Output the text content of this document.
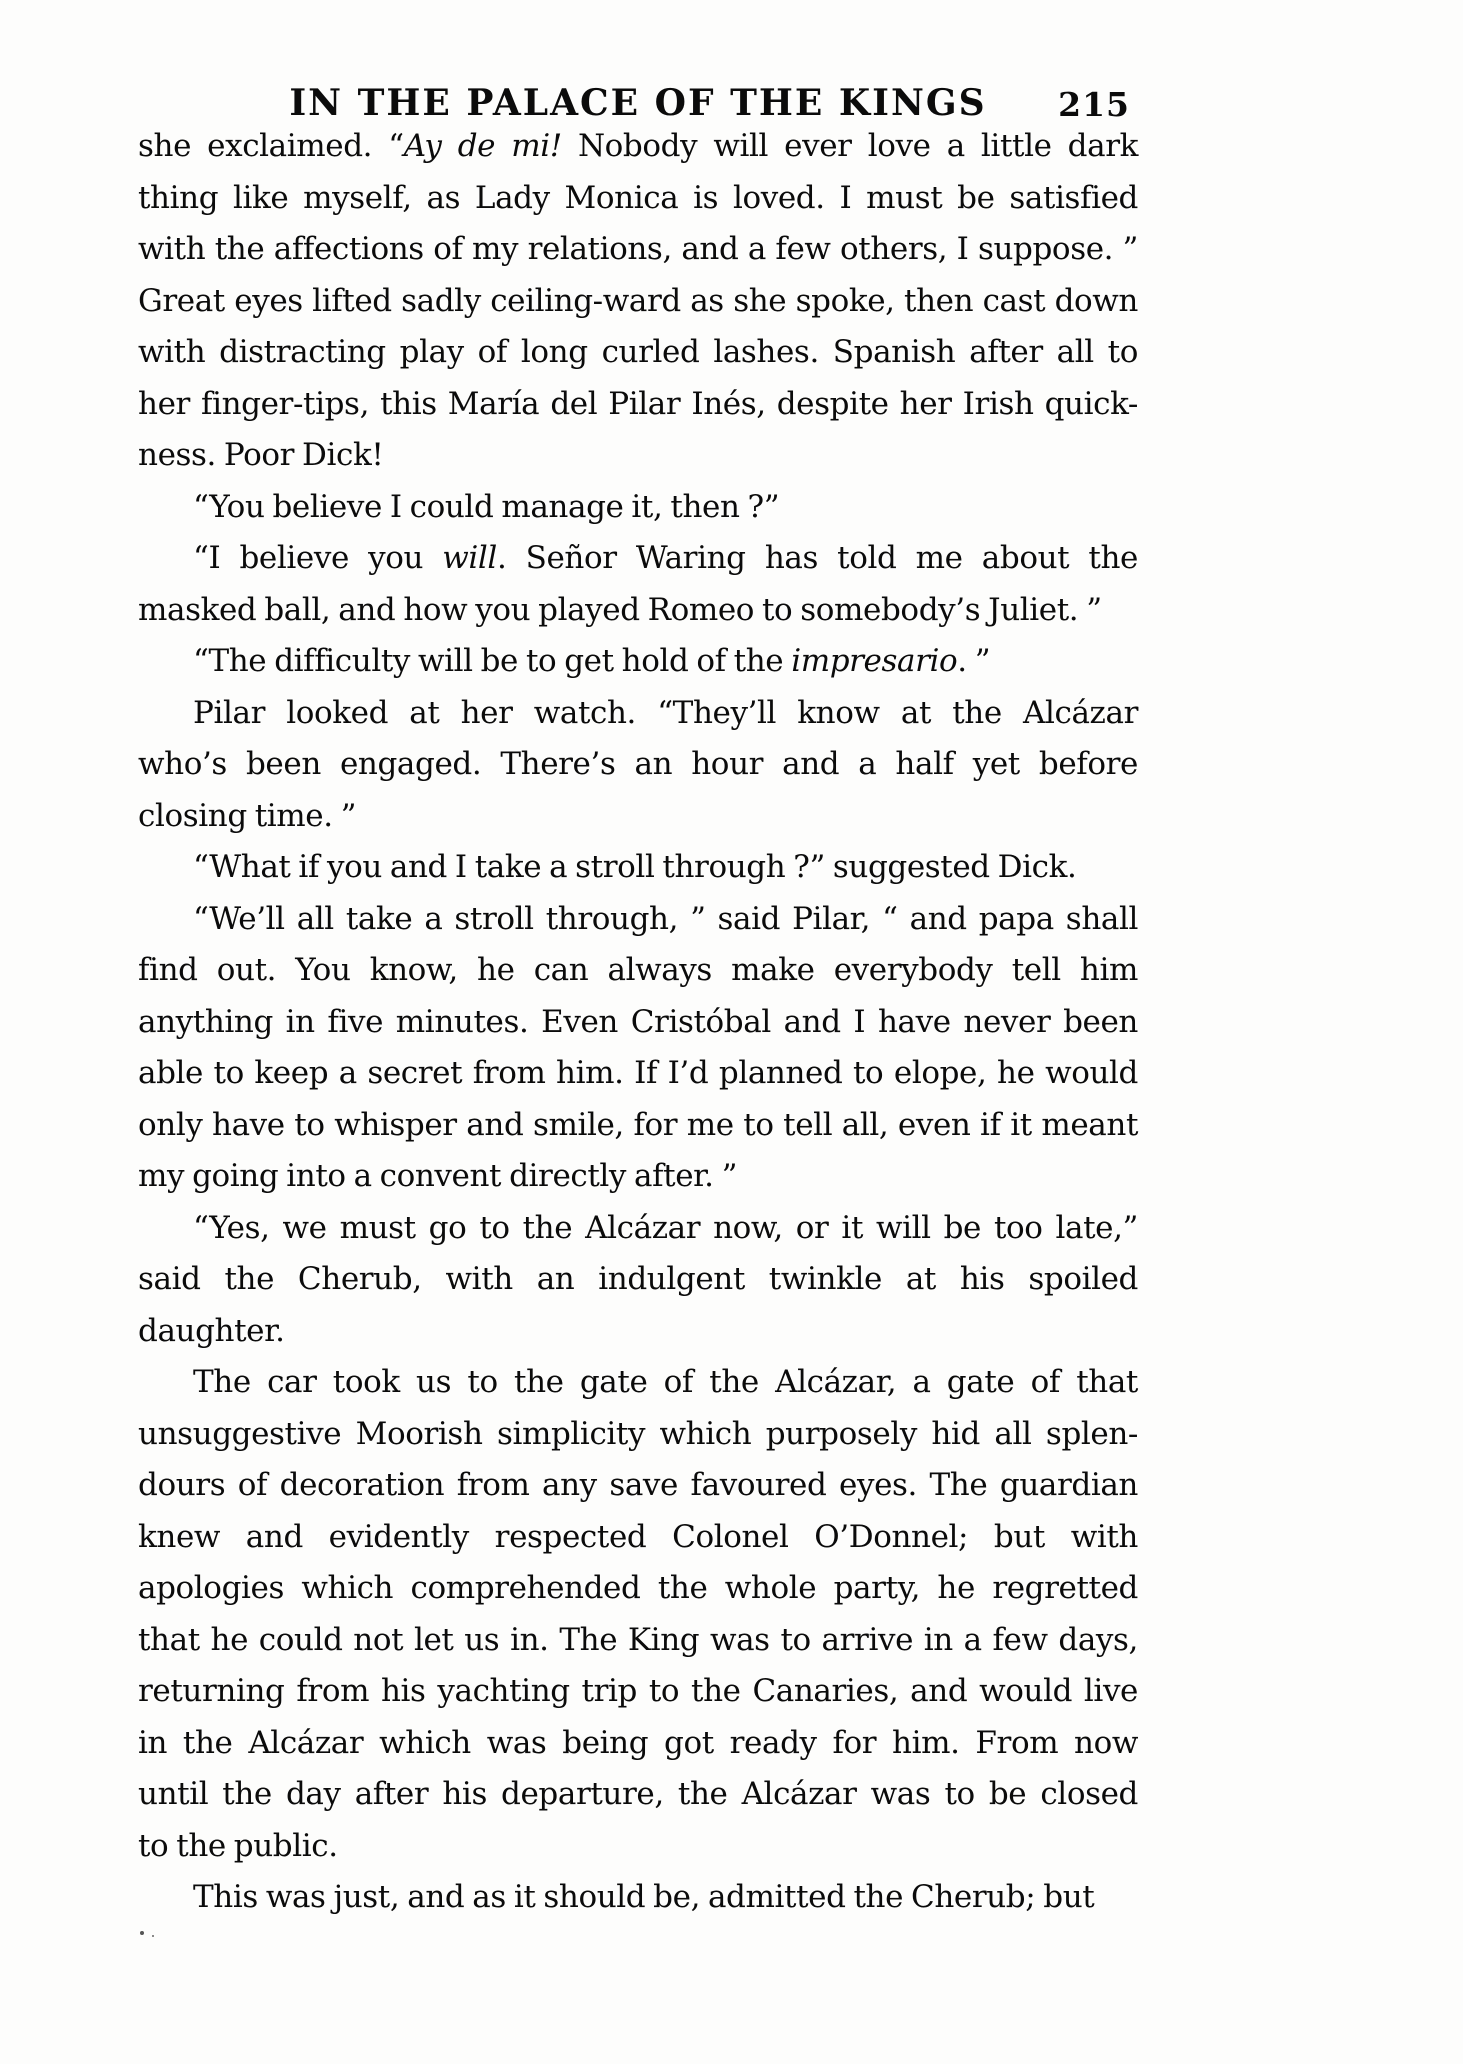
IN THE PALACE OF THE KINGS 215
she exclaimed. “Ay de mi! Nobody will ever love a little dark
thing like myself, as Lady Monica is loved. I must be satisfied
with the affections of my relations, and a few others, I suppose. ”
Great eyes lifted sadly ceiling-ward as she spoke, then cast down
with distracting play of long curled lashes. Spanish after all to
her finger-tips, this María del Pilar Inés, despite her Irish quick-
ness. Poor Dick!
“You believe I could manage it, then ?”
“I believe you will. Señor Waring has told me about the
masked ball, and how you played Romeo to somebody’s Juliet. ”
“The difficulty will be to get hold of the impresario. ”
Pilar looked at her watch. “They’ll know at the Alcázar
who’s been engaged. There’s an hour and a half yet before
closing time. ”
“What if you and I take a stroll through ?” suggested Dick.
“We’ll all take a stroll through, ” said Pilar, “ and papa shall
find out. You know, he can always make everybody tell him
anything in five minutes. Even Cristóbal and I have never been
able to keep a secret from him. If I’d planned to elope, he would
only have to whisper and smile, for me to tell all, even if it meant
my going into a convent directly after. ”
“Yes, we must go to the Alcázar now, or it will be too late,”
said the Cherub, with an indulgent twinkle at his spoiled
daughter.
The car took us to the gate of the Alcázar, a gate of that
unsuggestive Moorish simplicity which purposely hid all splen-
dours of decoration from any save favoured eyes. The guardian
knew and evidently respected Colonel O’Donnel; but with
apologies which comprehended the whole party, he regretted
that he could not let us in. The King was to arrive in a few days,
returning from his yachting trip to the Canaries, and would live
in the Alcázar which was being got ready for him. From now
until the day after his departure, the Alcázar was to be closed
to the public.
This was just, and as it should be, admitted the Cherub; but
